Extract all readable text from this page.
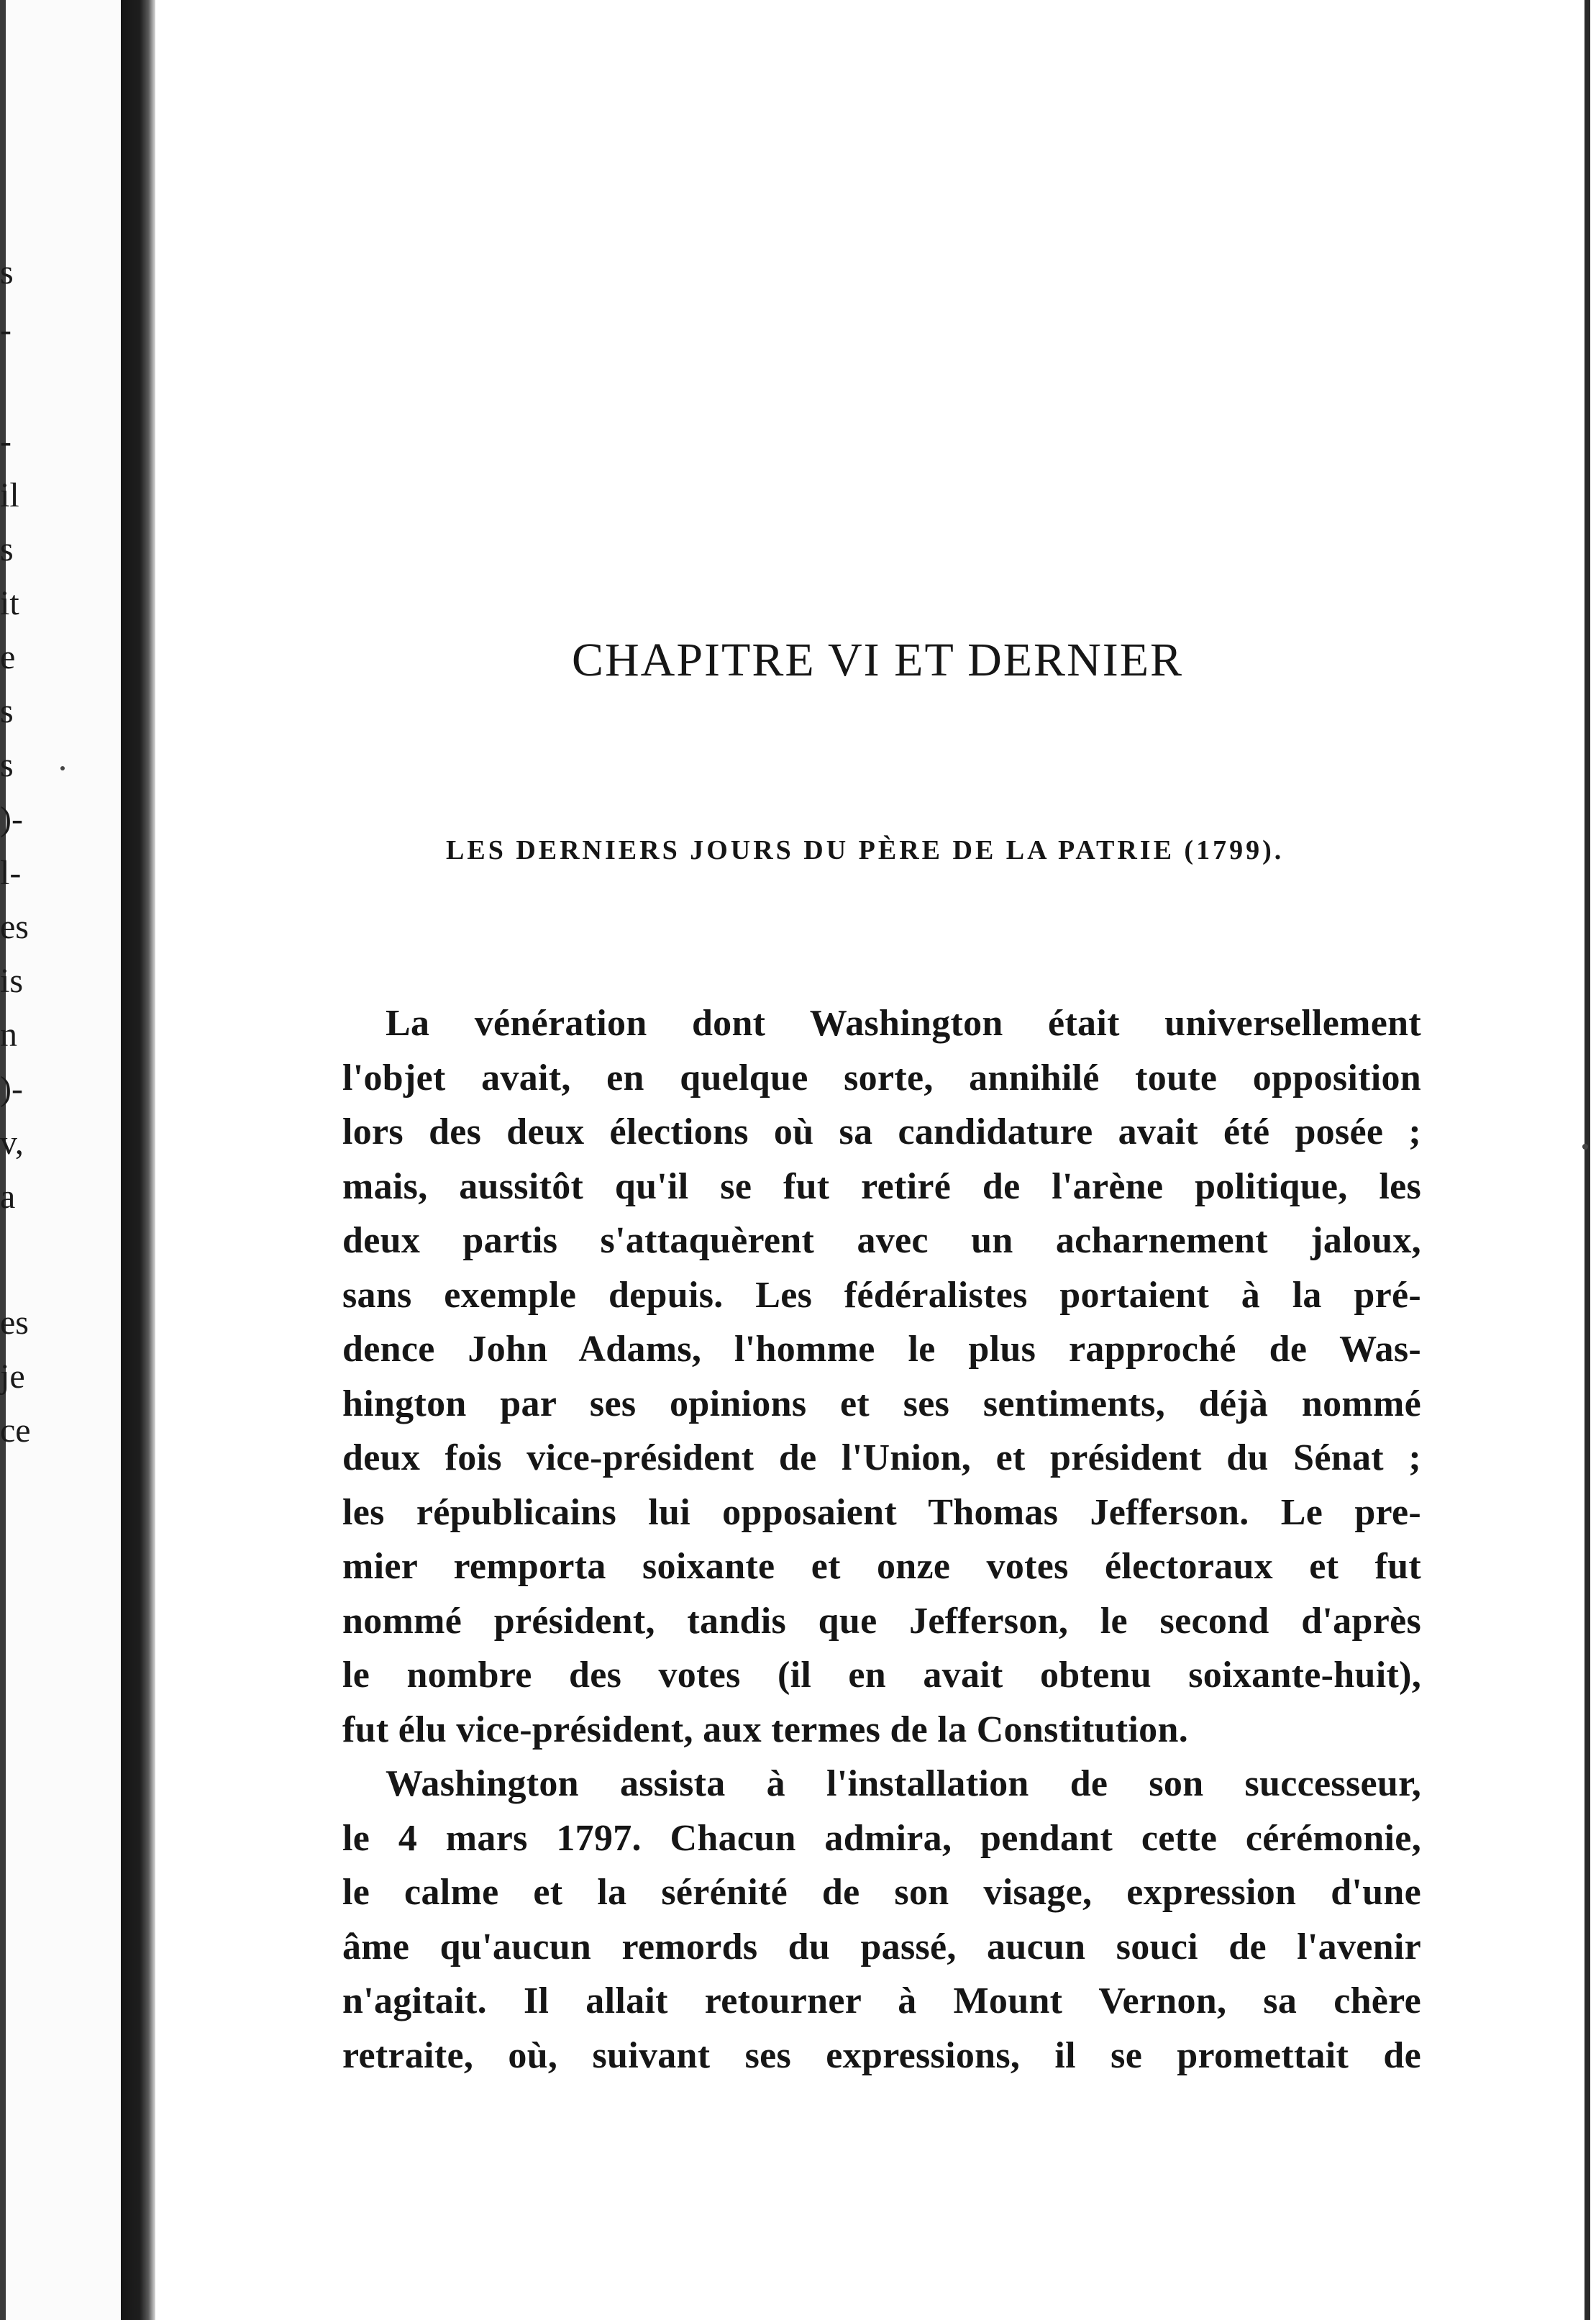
s
-
-
il
s
it
e
s
s
)-
l-
es
is
n
)-
v,
a
es
je
ce
CHAPITRE VI ET DERNIER
LES DERNIERS JOURS DU PÈRE DE LA PATRIE (1799).
La vénération dont Washington était universellement
l'objet avait, en quelque sorte, annihilé toute opposition
lors des deux élections où sa candidature avait été posée ;
mais, aussitôt qu'il se fut retiré de l'arène politique, les
deux partis s'attaquèrent avec un acharnement jaloux,
sans exemple depuis. Les fédéralistes portaient à la pré-
dence John Adams, l'homme le plus rapproché de Was-
hington par ses opinions et ses sentiments, déjà nommé
deux fois vice-président de l'Union, et président du Sénat ;
les républicains lui opposaient Thomas Jefferson. Le pre-
mier remporta soixante et onze votes électoraux et fut
nommé président, tandis que Jefferson, le second d'après
le nombre des votes (il en avait obtenu soixante-huit),
fut élu vice-président, aux termes de la Constitution.
Washington assista à l'installation de son successeur,
le 4 mars 1797. Chacun admira, pendant cette cérémonie,
le calme et la sérénité de son visage, expression d'une
âme qu'aucun remords du passé, aucun souci de l'avenir
n'agitait. Il allait retourner à Mount Vernon, sa chère
retraite, où, suivant ses expressions, il se promettait de
